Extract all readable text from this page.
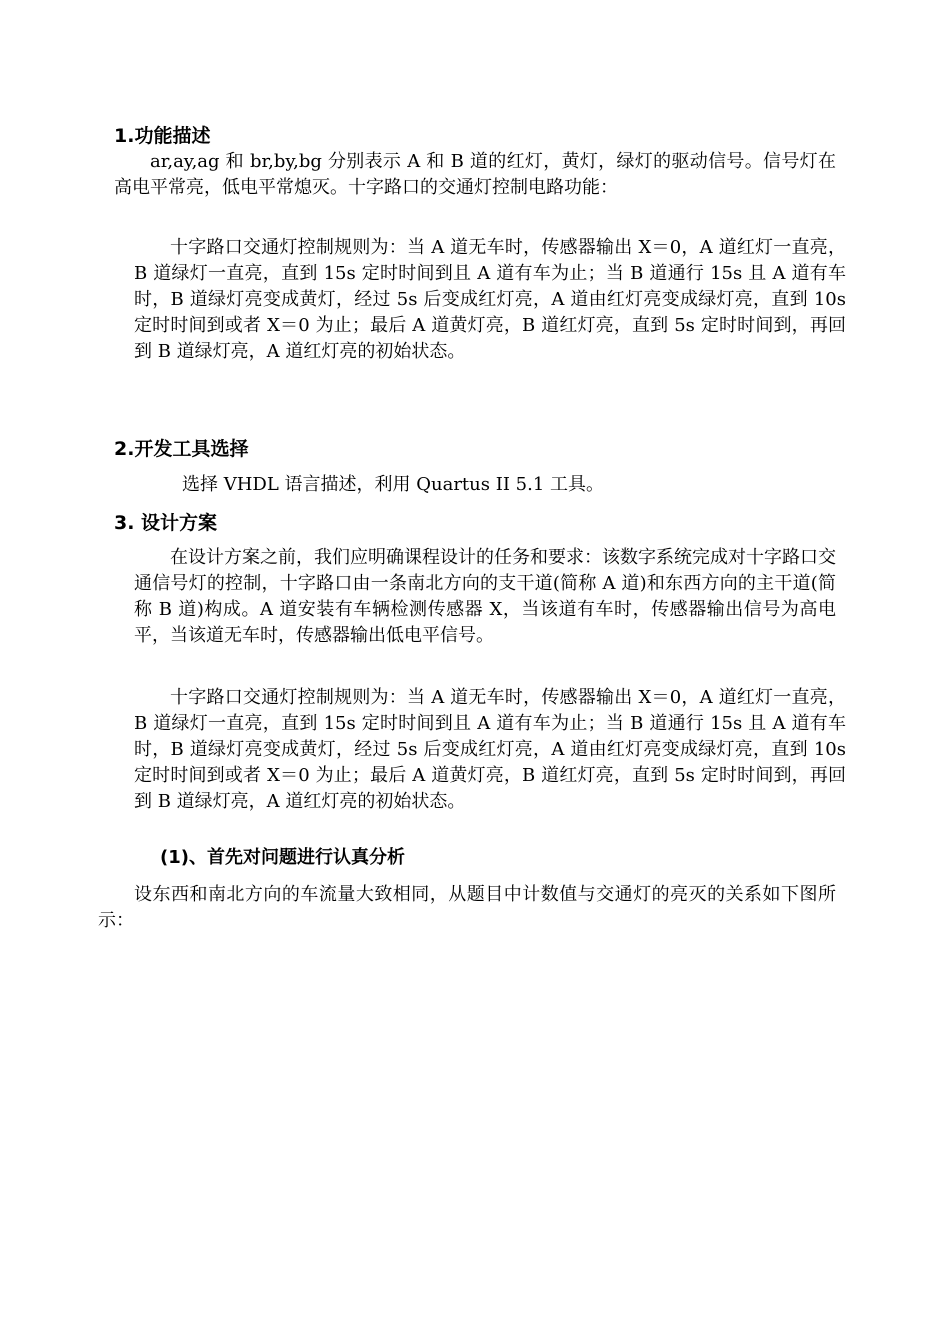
1.功能描述

ar,ay,ag 和 br,by,bg 分别表示 A 和 B 道的红灯，黄灯，绿灯的驱动信号。信号灯在高电平常亮，低电平常熄灭。十字路口的交通灯控制电路功能：

十字路口交通灯控制规则为：当 A 道无车时，传感器输出 X＝0，A 道红灯一直亮，B 道绿灯一直亮，直到 15s 定时时间到且 A 道有车为止；当 B 道通行 15s 且 A 道有车时，B 道绿灯亮变成黄灯，经过 5s 后变成红灯亮，A 道由红灯亮变成绿灯亮，直到 10s 定时时间到或者 X＝0 为止；最后 A 道黄灯亮，B 道红灯亮，直到 5s 定时时间到，再回到 B 道绿灯亮，A 道红灯亮的初始状态。

2.开发工具选择

选择 VHDL 语言描述，利用 Quartus II 5.1 工具。

3. 设计方案

在设计方案之前，我们应明确课程设计的任务和要求：该数字系统完成对十字路口交通信号灯的控制，十字路口由一条南北方向的支干道(简称 A 道)和东西方向的主干道(简称 B 道)构成。A 道安装有车辆检测传感器 X，当该道有车时，传感器输出信号为高电平，当该道无车时，传感器输出低电平信号。

十字路口交通灯控制规则为：当 A 道无车时，传感器输出 X＝0，A 道红灯一直亮，B 道绿灯一直亮，直到 15s 定时时间到且 A 道有车为止；当 B 道通行 15s 且 A 道有车时，B 道绿灯亮变成黄灯，经过 5s 后变成红灯亮，A 道由红灯亮变成绿灯亮，直到 10s 定时时间到或者 X＝0 为止；最后 A 道黄灯亮，B 道红灯亮，直到 5s 定时时间到，再回到 B 道绿灯亮，A 道红灯亮的初始状态。

(1)、首先对问题进行认真分析

设东西和南北方向的车流量大致相同，从题目中计数值与交通灯的亮灭的关系如下图所示：
